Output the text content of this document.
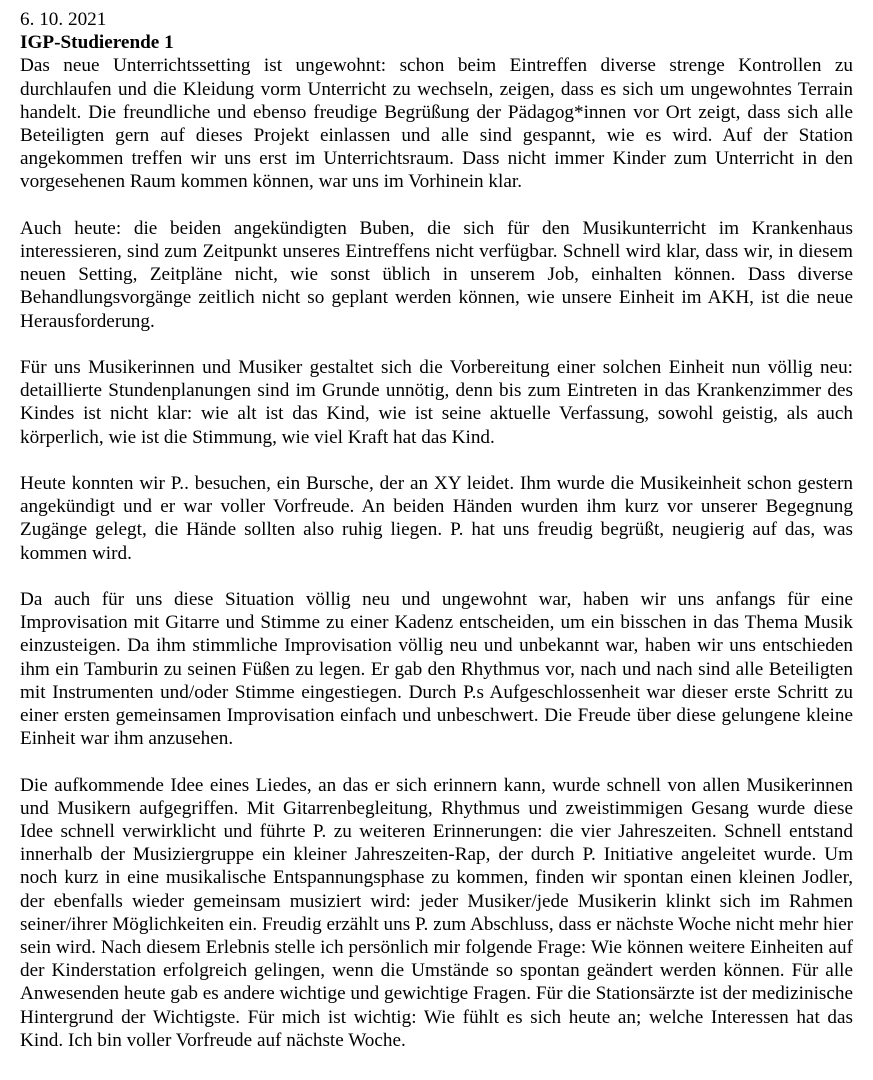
6. 10. 2021

IGP-Studierende 1

Das neue Unterrichtssetting ist ungewohnt: schon beim Eintreffen diverse strenge Kontrollen zu durchlaufen und die Kleidung vorm Unterricht zu wechseln, zeigen, dass es sich um ungewohntes Terrain handelt. Die freundliche und ebenso freudige Begrüßung der Pädagog*innen vor Ort zeigt, dass sich alle Beteiligten gern auf dieses Projekt einlassen und alle sind gespannt, wie es wird. Auf der Station angekommen treffen wir uns erst im Unterrichtsraum. Dass nicht immer Kinder zum Unterricht in den vorgesehenen Raum kommen können, war uns im Vorhinein klar.

Auch heute: die beiden angekündigten Buben, die sich für den Musikunterricht im Krankenhaus interessieren, sind zum Zeitpunkt unseres Eintreffens nicht verfügbar. Schnell wird klar, dass wir, in diesem neuen Setting, Zeitpläne nicht, wie sonst üblich in unserem Job, einhalten können. Dass diverse Behandlungsvorgänge zeitlich nicht so geplant werden können, wie unsere Einheit im AKH, ist die neue Herausforderung.

Für uns Musikerinnen und Musiker gestaltet sich die Vorbereitung einer solchen Einheit nun völlig neu: detaillierte Stundenplanungen sind im Grunde unnötig, denn bis zum Eintreten in das Krankenzimmer des Kindes ist nicht klar: wie alt ist das Kind, wie ist seine aktuelle Verfassung, sowohl geistig, als auch körperlich, wie ist die Stimmung, wie viel Kraft hat das Kind.

Heute konnten wir P.. besuchen, ein Bursche, der an XY leidet. Ihm wurde die Musikeinheit schon gestern angekündigt und er war voller Vorfreude. An beiden Händen wurden ihm kurz vor unserer Begegnung Zugänge gelegt, die Hände sollten also ruhig liegen. P. hat uns freudig begrüßt, neugierig auf das, was kommen wird.

Da auch für uns diese Situation völlig neu und ungewohnt war, haben wir uns anfangs für eine Improvisation mit Gitarre und Stimme zu einer Kadenz entscheiden, um ein bisschen in das Thema Musik einzusteigen. Da ihm stimmliche Improvisation völlig neu und unbekannt war, haben wir uns entschieden ihm ein Tamburin zu seinen Füßen zu legen. Er gab den Rhythmus vor, nach und nach sind alle Beteiligten mit Instrumenten und/oder Stimme eingestiegen. Durch P.s Aufgeschlossenheit war dieser erste Schritt zu einer ersten gemeinsamen Improvisation einfach und unbeschwert. Die Freude über diese gelungene kleine Einheit war ihm anzusehen.

Die aufkommende Idee eines Liedes, an das er sich erinnern kann, wurde schnell von allen Musikerinnen und Musikern aufgegriffen. Mit Gitarrenbegleitung, Rhythmus und zweistimmigen Gesang wurde diese Idee schnell verwirklicht und führte P. zu weiteren Erinnerungen: die vier Jahreszeiten. Schnell entstand innerhalb der Musiziergruppe ein kleiner Jahreszeiten-Rap, der durch P. Initiative angeleitet wurde. Um noch kurz in eine musikalische Entspannungsphase zu kommen, finden wir spontan einen kleinen Jodler, der ebenfalls wieder gemeinsam musiziert wird: jeder Musiker/jede Musikerin klinkt sich im Rahmen seiner/ihrer Möglichkeiten ein. Freudig erzählt uns P. zum Abschluss, dass er nächste Woche nicht mehr hier sein wird. Nach diesem Erlebnis stelle ich persönlich mir folgende Frage: Wie können weitere Einheiten auf der Kinderstation erfolgreich gelingen, wenn die Umstände so spontan geändert werden können. Für alle Anwesenden heute gab es andere wichtige und gewichtige Fragen. Für die Stationsärzte ist der medizinische Hintergrund der Wichtigste. Für mich ist wichtig: Wie fühlt es sich heute an; welche Interessen hat das Kind. Ich bin voller Vorfreude auf nächste Woche.
